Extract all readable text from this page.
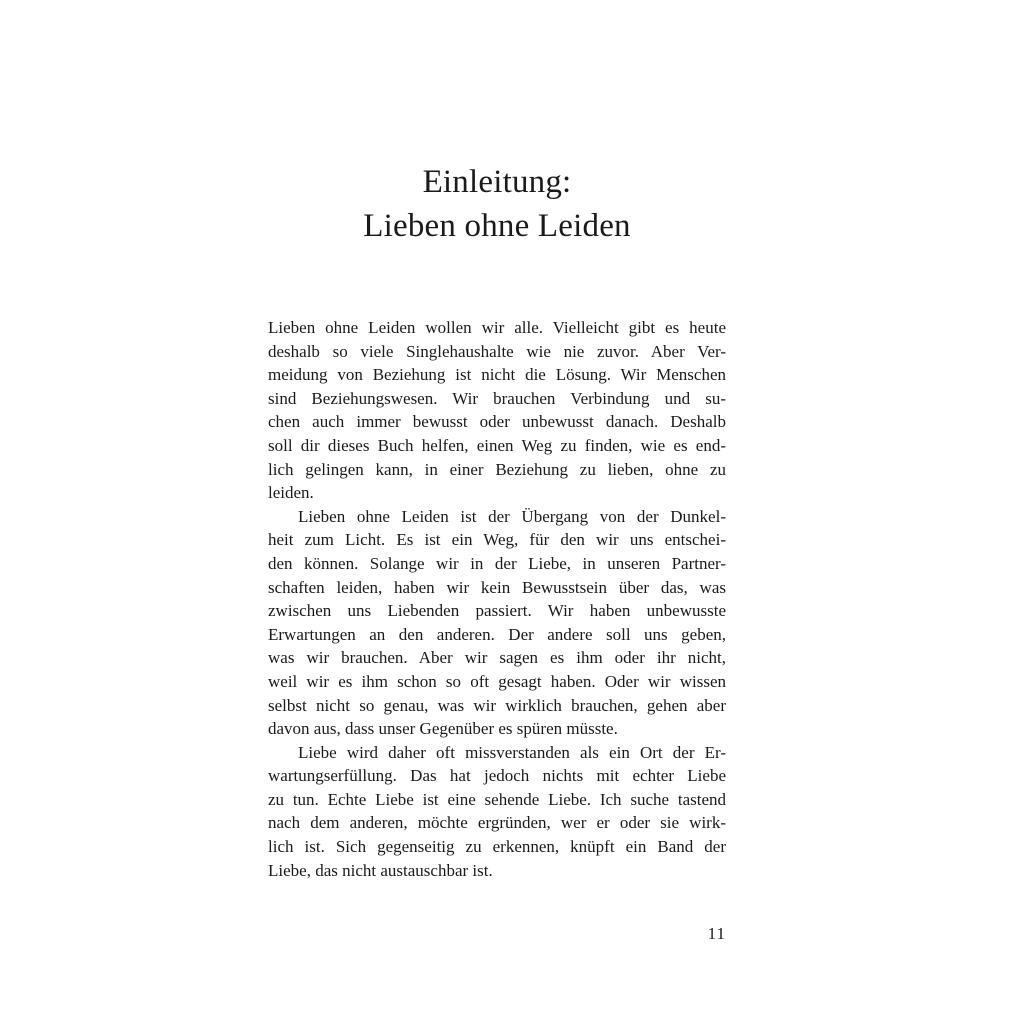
Einleitung:
Lieben ohne Leiden
Lieben ohne Leiden wollen wir alle. Vielleicht gibt es heute
deshalb so viele Singlehaushalte wie nie zuvor. Aber Ver-
meidung von Beziehung ist nicht die Lösung. Wir Menschen
sind Beziehungswesen. Wir brauchen Verbindung und su-
chen auch immer bewusst oder unbewusst danach. Deshalb
soll dir dieses Buch helfen, einen Weg zu finden, wie es end-
lich gelingen kann, in einer Beziehung zu lieben, ohne zu
leiden.
Lieben ohne Leiden ist der Übergang von der Dunkel-
heit zum Licht. Es ist ein Weg, für den wir uns entschei-
den können. Solange wir in der Liebe, in unseren Partner-
schaften leiden, haben wir kein Bewusstsein über das, was
zwischen uns Liebenden passiert. Wir haben unbewusste
Erwartungen an den anderen. Der andere soll uns geben,
was wir brauchen. Aber wir sagen es ihm oder ihr nicht,
weil wir es ihm schon so oft gesagt haben. Oder wir wissen
selbst nicht so genau, was wir wirklich brauchen, gehen aber
davon aus, dass unser Gegenüber es spüren müsste.
Liebe wird daher oft missverstanden als ein Ort der Er-
wartungserfüllung. Das hat jedoch nichts mit echter Liebe
zu tun. Echte Liebe ist eine sehende Liebe. Ich suche tastend
nach dem anderen, möchte ergründen, wer er oder sie wirk-
lich ist. Sich gegenseitig zu erkennen, knüpft ein Band der
Liebe, das nicht austauschbar ist.
11
